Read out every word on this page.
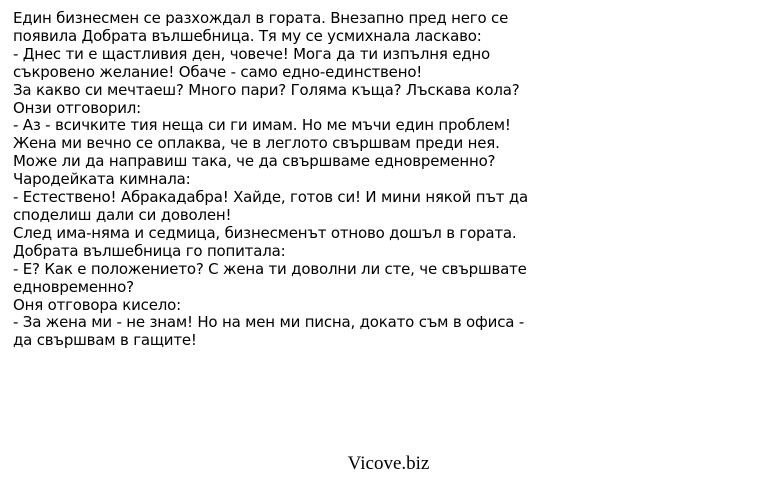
Един бизнесмен се разхождал в гората. Внезапно пред него се
появила Добрата вълшебница. Тя му се усмихнала ласкаво:
- Днес ти е щастливия ден, човече! Мога да ти изпълня едно
съкровено желание! Обаче - само едно-единствено!
За какво си мечтаеш? Много пари? Голяма къща? Лъскава кола?
Онзи отговорил:
- Аз - всичките тия неща си ги имам. Но ме мъчи един проблем!
Жена ми вечно се оплаква, че в леглото свършвам преди нея.
Може ли да направиш така, че да свършваме едновременно?
Чародейката кимнала:
- Естествено! Абракадабра! Хайде, готов си! И мини някой път да
споделиш дали си доволен!
След има-няма и седмица, бизнесменът отново дошъл в гората.
Добрата вълшебница го попитала:
- Е? Как е положението? С жена ти доволни ли сте, че свършвате
едновременно?
Оня отговора кисело:
- За жена ми - не знам! Но на мен ми писна, докато съм в офиса -
да свършвам в гащите!
Vicove.biz
